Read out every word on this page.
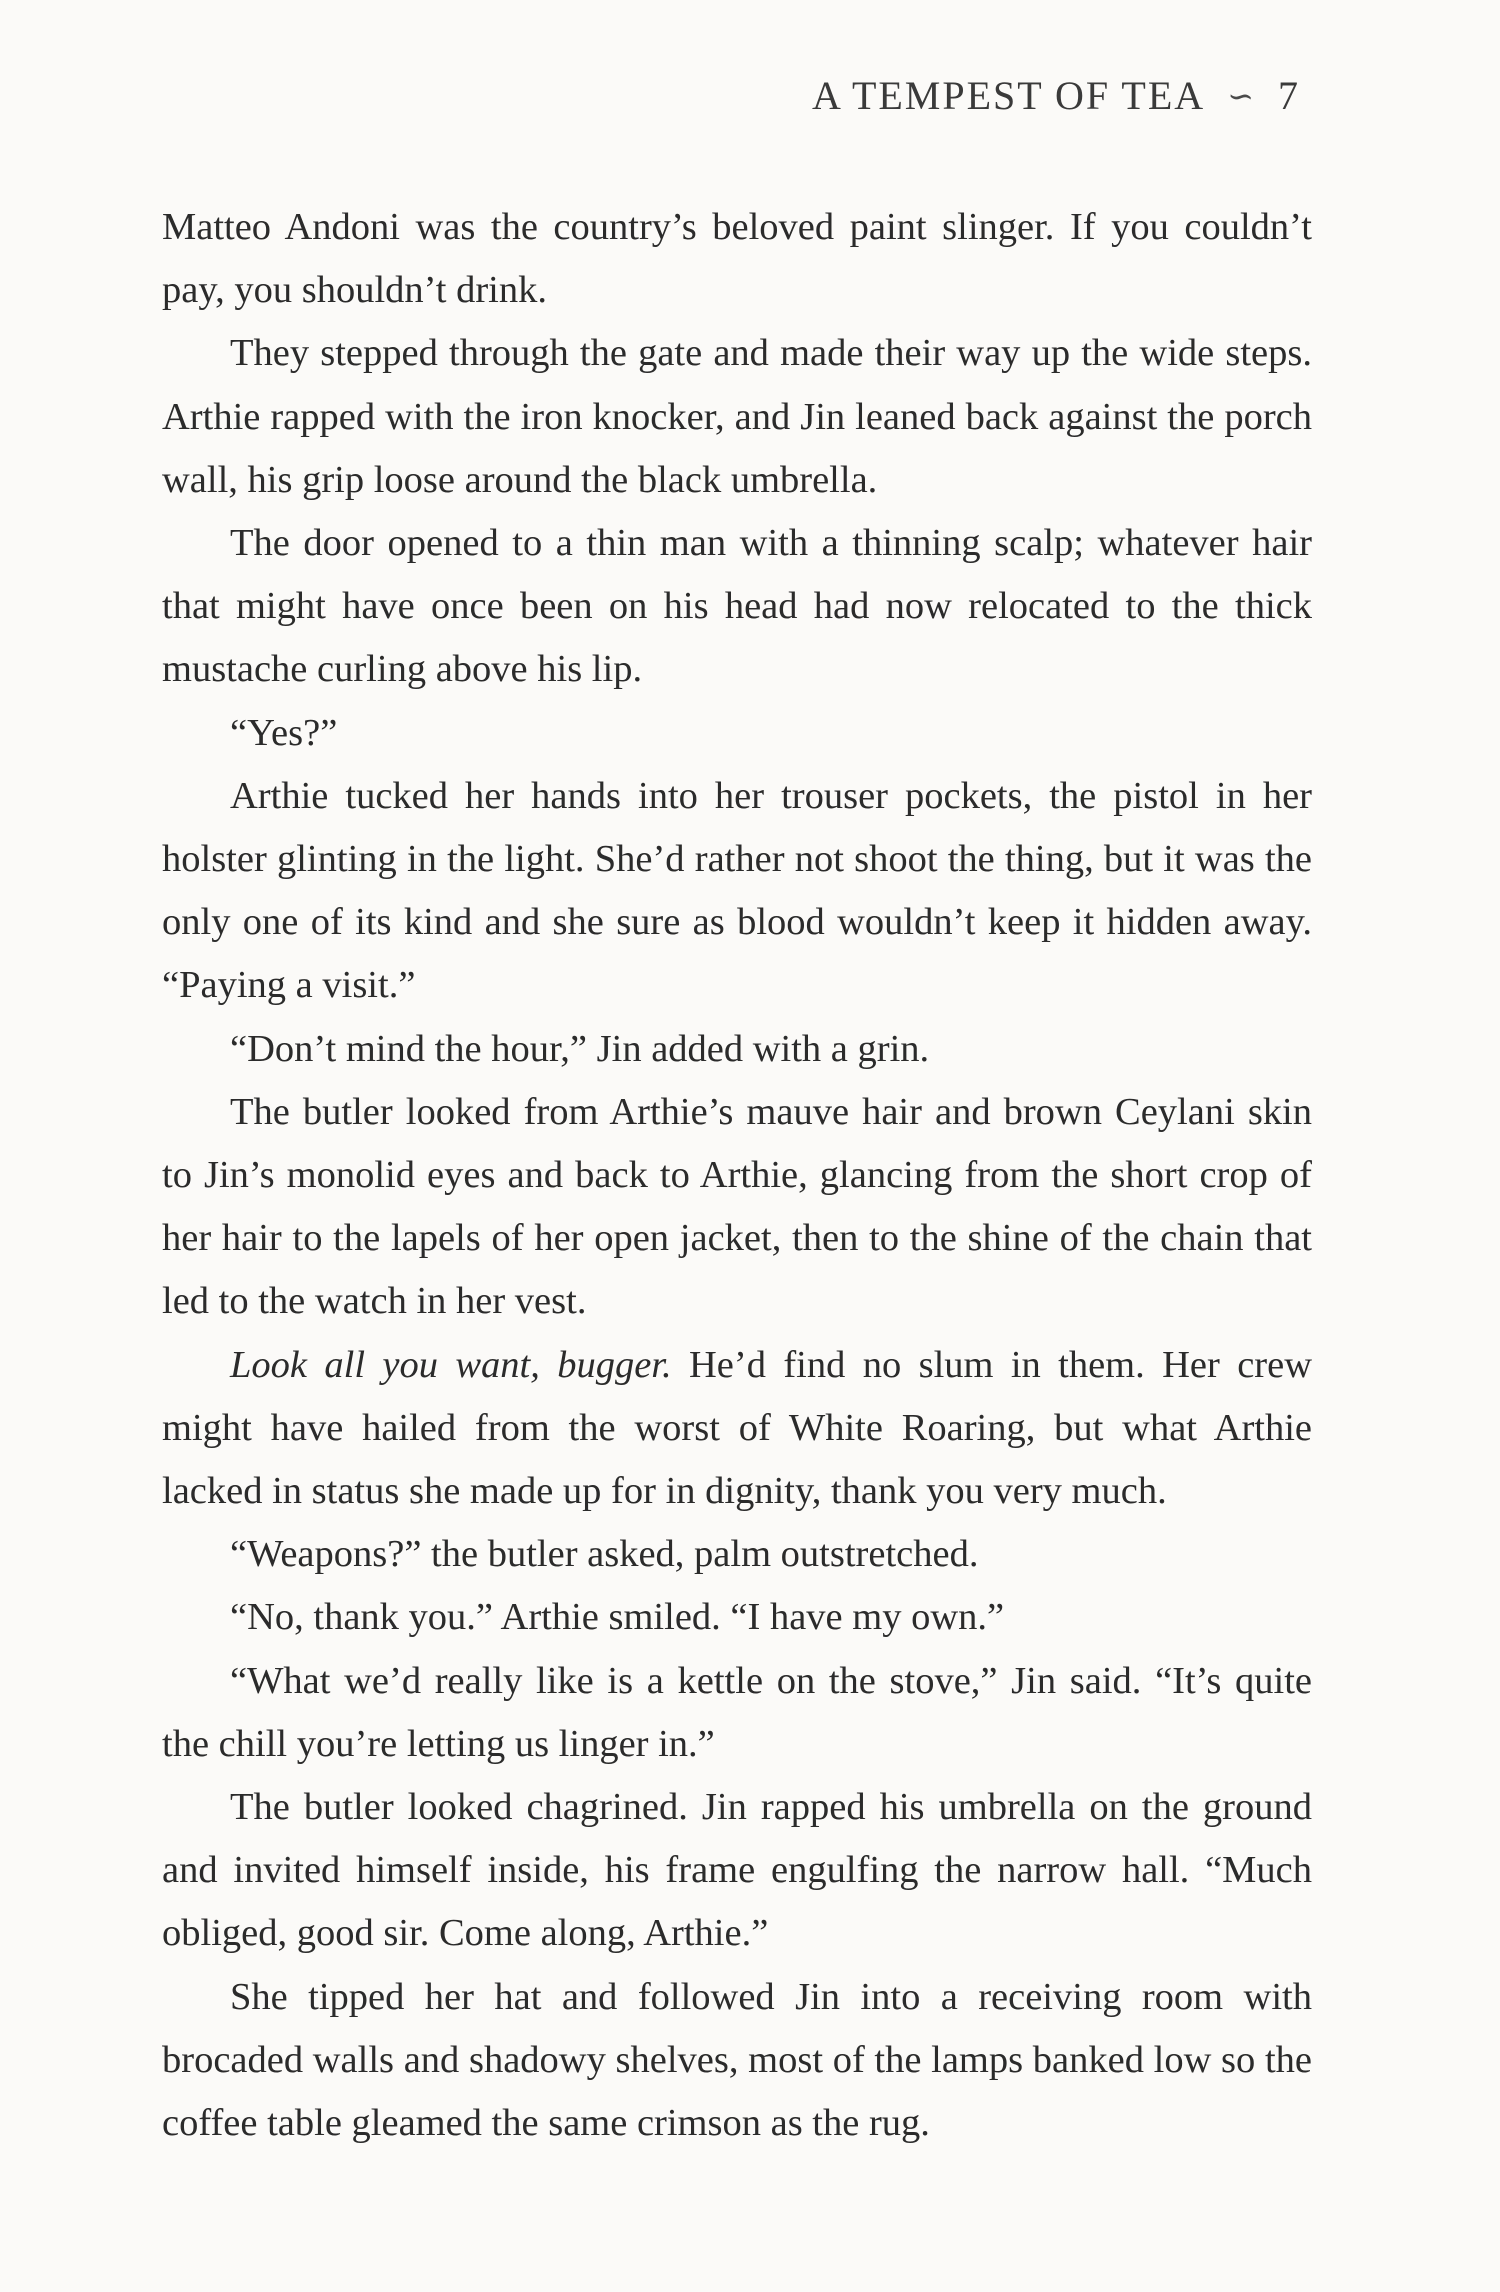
A TEMPEST OF TEA ∽ 7

Matteo Andoni was the country’s beloved paint slinger. If you couldn’t pay, you shouldn’t drink.

They stepped through the gate and made their way up the wide steps. Arthie rapped with the iron knocker, and Jin leaned back against the porch wall, his grip loose around the black umbrella.

The door opened to a thin man with a thinning scalp; whatever hair that might have once been on his head had now relocated to the thick mustache curling above his lip.

“Yes?”

Arthie tucked her hands into her trouser pockets, the pistol in her holster glinting in the light. She’d rather not shoot the thing, but it was the only one of its kind and she sure as blood wouldn’t keep it hidden away. “Paying a visit.”

“Don’t mind the hour,” Jin added with a grin.

The butler looked from Arthie’s mauve hair and brown Ceylani skin to Jin’s monolid eyes and back to Arthie, glancing from the short crop of her hair to the lapels of her open jacket, then to the shine of the chain that led to the watch in her vest.

Look all you want, bugger. He’d find no slum in them. Her crew might have hailed from the worst of White Roaring, but what Arthie lacked in status she made up for in dignity, thank you very much.

“Weapons?” the butler asked, palm outstretched.

“No, thank you.” Arthie smiled. “I have my own.”

“What we’d really like is a kettle on the stove,” Jin said. “It’s quite the chill you’re letting us linger in.”

The butler looked chagrined. Jin rapped his umbrella on the ground and invited himself inside, his frame engulfing the narrow hall. “Much obliged, good sir. Come along, Arthie.”

She tipped her hat and followed Jin into a receiving room with brocaded walls and shadowy shelves, most of the lamps banked low so the coffee table gleamed the same crimson as the rug.
